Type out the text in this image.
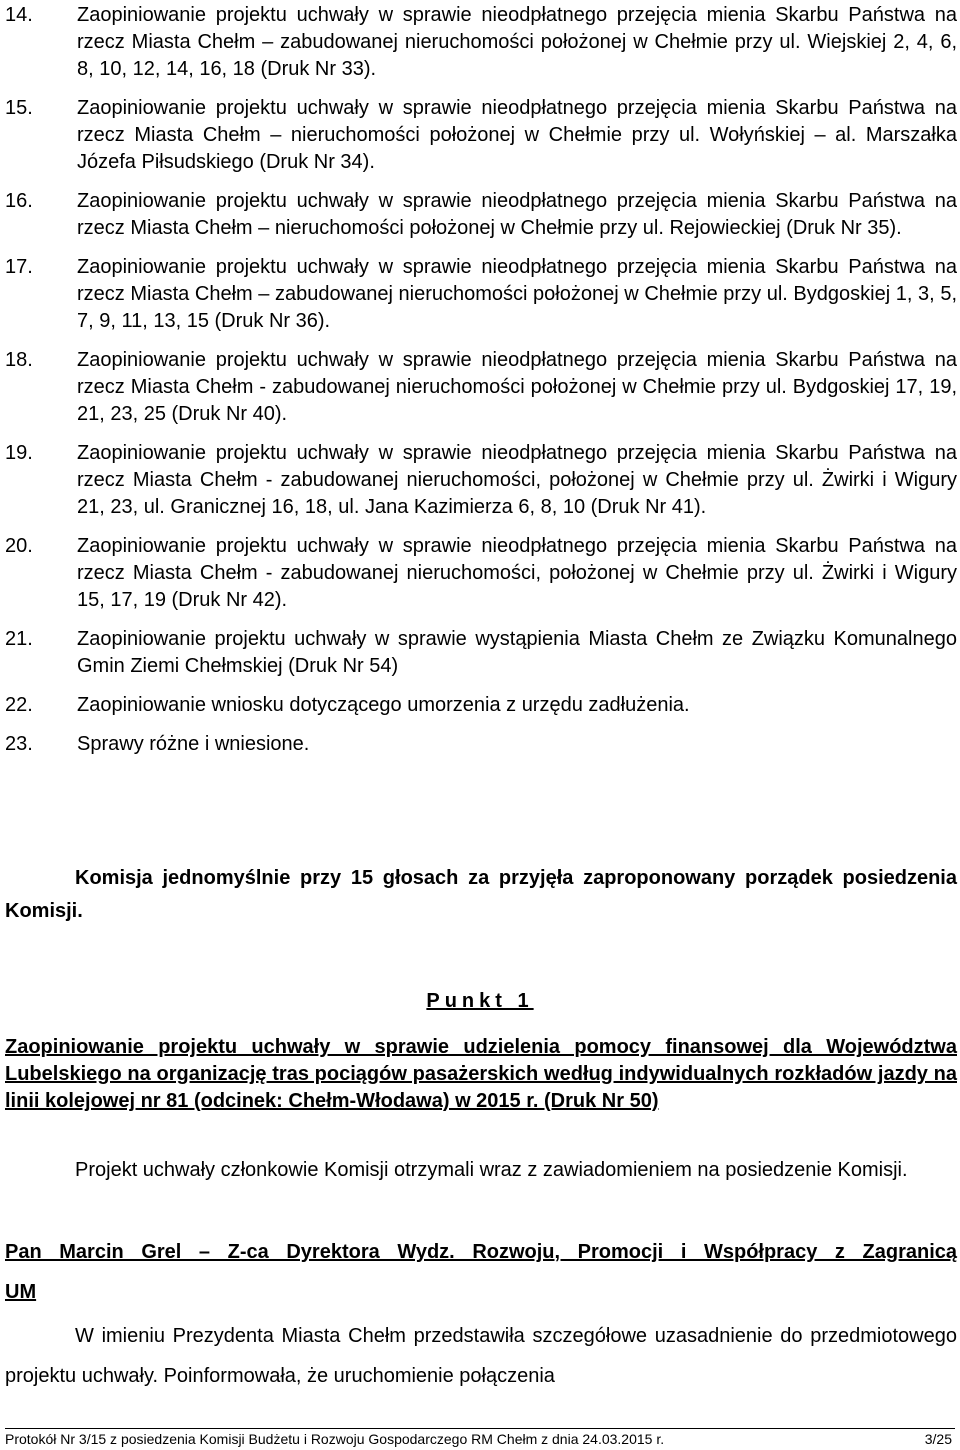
14.	Zaopiniowanie projektu uchwały w sprawie nieodpłatnego przejęcia mienia Skarbu Państwa na rzecz Miasta Chełm – zabudowanej nieruchomości położonej w Chełmie przy ul. Wiejskiej 2, 4, 6, 8, 10, 12, 14, 16, 18 (Druk Nr 33).
15.	Zaopiniowanie projektu uchwały w sprawie nieodpłatnego przejęcia mienia Skarbu Państwa na rzecz Miasta Chełm – nieruchomości położonej w Chełmie przy ul. Wołyńskiej – al. Marszałka Józefa Piłsudskiego (Druk Nr 34).
16.	Zaopiniowanie projektu uchwały w sprawie nieodpłatnego przejęcia mienia Skarbu Państwa na rzecz Miasta Chełm – nieruchomości położonej w Chełmie przy ul. Rejowieckiej (Druk Nr 35).
17.	Zaopiniowanie projektu uchwały w sprawie nieodpłatnego przejęcia mienia Skarbu Państwa na rzecz Miasta Chełm – zabudowanej nieruchomości położonej w Chełmie przy ul. Bydgoskiej 1, 3, 5, 7, 9, 11, 13, 15 (Druk Nr 36).
18.	Zaopiniowanie projektu uchwały w sprawie nieodpłatnego przejęcia mienia Skarbu Państwa na rzecz Miasta Chełm - zabudowanej nieruchomości położonej w Chełmie przy ul. Bydgoskiej 17, 19, 21, 23, 25 (Druk Nr 40).
19.	Zaopiniowanie projektu uchwały w sprawie nieodpłatnego przejęcia mienia Skarbu Państwa na rzecz Miasta Chełm - zabudowanej nieruchomości, położonej w Chełmie przy ul. Żwirki i Wigury 21, 23, ul. Granicznej 16, 18, ul. Jana Kazimierza 6, 8, 10 (Druk Nr 41).
20.	Zaopiniowanie projektu uchwały w sprawie nieodpłatnego przejęcia mienia Skarbu Państwa na rzecz Miasta Chełm - zabudowanej nieruchomości, położonej w Chełmie przy ul. Żwirki i Wigury 15, 17, 19 (Druk Nr 42).
21.	Zaopiniowanie projektu uchwały w sprawie wystąpienia Miasta Chełm ze Związku Komunalnego Gmin Ziemi Chełmskiej (Druk Nr 54)
22.	Zaopiniowanie wniosku dotyczącego umorzenia z urzędu zadłużenia.
23.	Sprawy różne i wniesione.
Komisja jednomyślnie przy 15 głosach za przyjęła zaproponowany porządek posiedzenia Komisji.
Punkt 1
Zaopiniowanie projektu uchwały w sprawie udzielenia pomocy finansowej dla Województwa Lubelskiego na organizację tras pociągów pasażerskich według indywidualnych rozkładów jazdy na linii kolejowej nr 81 (odcinek: Chełm-Włodawa) w 2015 r. (Druk Nr 50)
Projekt uchwały członkowie Komisji otrzymali wraz z zawiadomieniem na posiedzenie Komisji.
Pan Marcin Grel – Z-ca Dyrektora Wydz. Rozwoju, Promocji i Współpracy z Zagranicą UM
W imieniu Prezydenta Miasta Chełm przedstawiła szczegółowe uzasadnienie do przedmiotowego projektu uchwały. Poinformowała, że uruchomienie połączenia
Protokół Nr 3/15 z posiedzenia Komisji Budżetu i Rozwoju Gospodarczego RM Chełm z dnia 24.03.2015 r.	3/25
